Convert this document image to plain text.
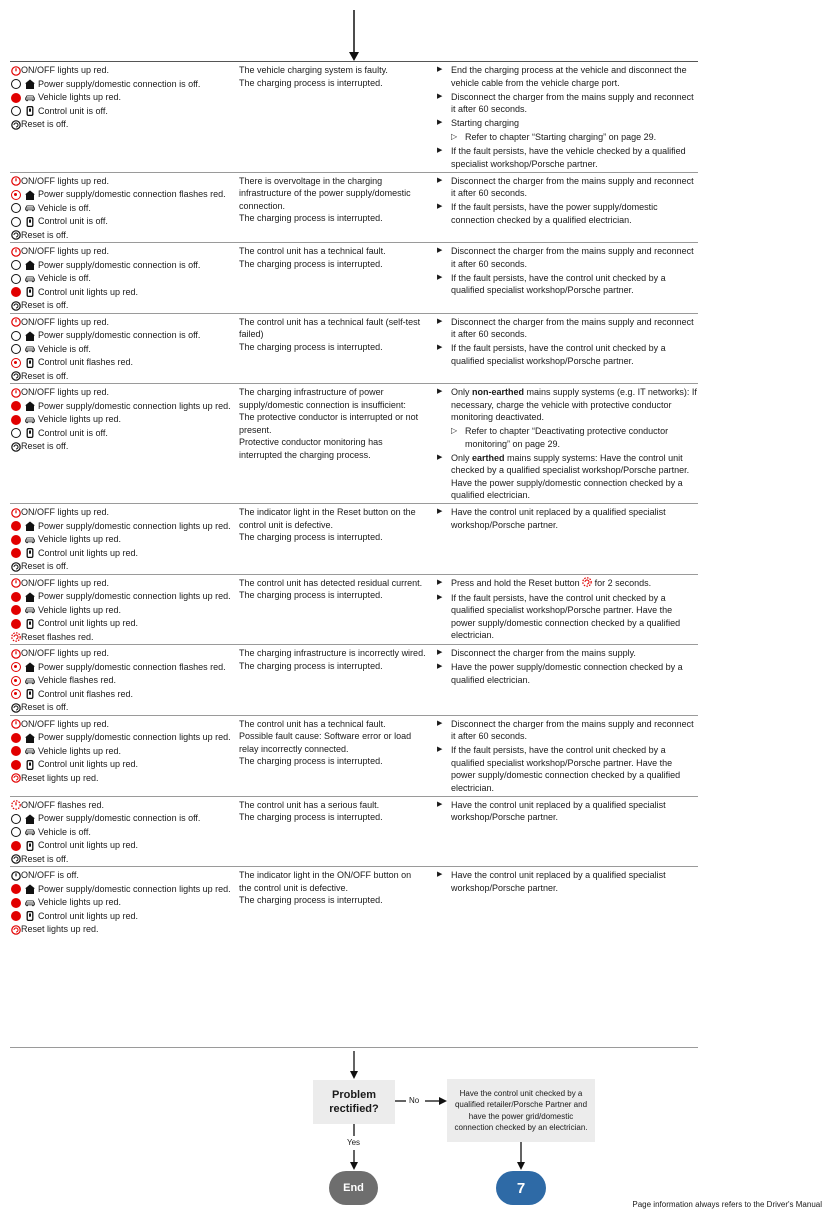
ON/OFF lights up red.
Power supply/domestic connection is off.
Vehicle lights up red.
Control unit is off.
Reset is off.

The vehicle charging system is faulty.

The charging process is interrupted.

▶ End the charging process at the vehicle and disconnect the vehicle cable from the vehicle charge port.
▶ Disconnect the charger from the mains supply and reconnect it after 60 seconds.
▶ Starting charging
▷ Refer to chapter “Starting charging” on page 29.
▶ If the fault persists, have the vehicle checked by a qualified specialist workshop/Porsche partner.
ON/OFF lights up red.
Power supply/domestic connection flashes red.
Vehicle is off.
Control unit is off.
Reset is off.

There is overvoltage in the charging infrastructure of the power supply/domestic connection.

The charging process is interrupted.

▶ Disconnect the charger from the mains supply and reconnect it after 60 seconds.
▶ If the fault persists, have the power supply/domestic connection checked by a qualified electrician.
ON/OFF lights up red.
Power supply/domestic connection is off.
Vehicle is off.
Control unit lights up red.
Reset is off.

The control unit has a technical fault.

The charging process is interrupted.

▶ Disconnect the charger from the mains supply and reconnect it after 60 seconds.
▶ If the fault persists, have the control unit checked by a qualified specialist workshop/Porsche partner.
ON/OFF lights up red.
Power supply/domestic connection is off.
Vehicle is off.
Control unit flashes red.
Reset is off.

The control unit has a technical fault (self-test failed)

The charging process is interrupted.

▶ Disconnect the charger from the mains supply and reconnect it after 60 seconds.
▶ If the fault persists, have the control unit checked by a qualified specialist workshop/Porsche partner.
ON/OFF lights up red.
Power supply/domestic connection lights up red.
Vehicle lights up red.
Control unit is off.
Reset is off.

The charging infrastructure of power supply/domestic connection is insufficient:

The protective conductor is interrupted or not present.

Protective conductor monitoring has interrupted the charging process.

▶ Only non-earthed mains supply systems (e.g. IT networks): If necessary, charge the vehicle with protective conductor monitoring deactivated.
▷ Refer to chapter “Deactivating protective conductor monitoring” on page 29.
▶ Only earthed mains supply systems: Have the control unit checked by a qualified specialist workshop/Porsche partner. Have the power supply/domestic connection checked by a qualified electrician.
ON/OFF lights up red.
Power supply/domestic connection lights up red.
Vehicle lights up red.
Control unit lights up red.
Reset is off.

The indicator light in the Reset button on the control unit is defective.

The charging process is interrupted.

▶ Have the control unit replaced by a qualified specialist workshop/Porsche partner.
ON/OFF lights up red.
Power supply/domestic connection lights up red.
Vehicle lights up red.
Control unit lights up red.
Reset flashes red.

The control unit has detected residual current.

The charging process is interrupted.

▶ Press and hold the Reset button  for 2 seconds.
▶ If the fault persists, have the control unit checked by a qualified specialist workshop/Porsche partner. Have the power supply/domestic connection checked by a qualified electrician.
ON/OFF lights up red.
Power supply/domestic connection flashes red.
Vehicle flashes red.
Control unit flashes red.
Reset is off.

The charging infrastructure is incorrectly wired.

The charging process is interrupted.

▶ Disconnect the charger from the mains supply.
▶ Have the power supply/domestic connection checked by a qualified electrician.
ON/OFF lights up red.
Power supply/domestic connection lights up red.
Vehicle lights up red.
Control unit lights up red.
Reset lights up red.

The control unit has a technical fault.

Possible fault cause: Software error or load relay incorrectly connected.

The charging process is interrupted.

▶ Disconnect the charger from the mains supply and reconnect it after 60 seconds.
▶ If the fault persists, have the control unit checked by a qualified specialist workshop/Porsche partner. Have the power supply/domestic connection checked by a qualified electrician.
ON/OFF flashes red.
Power supply/domestic connection is off.
Vehicle is off.
Control unit lights up red.
Reset is off.

The control unit has a serious fault.

The charging process is interrupted.

▶ Have the control unit replaced by a qualified specialist workshop/Porsche partner.
ON/OFF is off.
Power supply/domestic connection lights up red.
Vehicle lights up red.
Control unit lights up red.
Reset lights up red.

The indicator light in the ON/OFF button on the control unit is defective.

The charging process is interrupted.

▶ Have the control unit replaced by a qualified specialist workshop/Porsche partner.
Problem rectified?
No
Yes
Have the control unit checked by a qualified retailer/Porsche Partner and have the power grid/domestic connection checked by an electrician.
End	7
Page information always refers to the Driver's Manual
